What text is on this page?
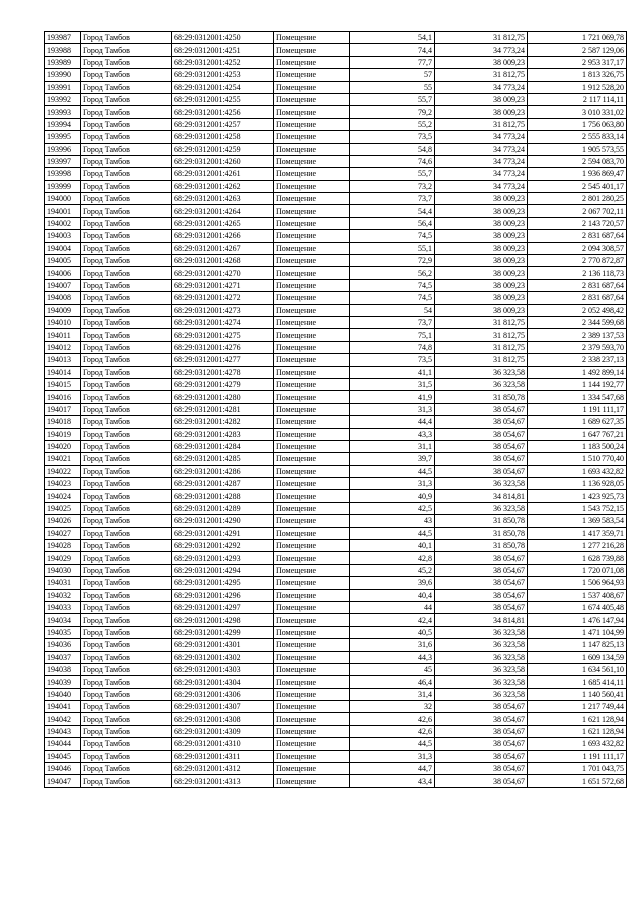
193987	Город Тамбов	68:29:0312001:4250	Помещение	54,1	31 812,75	1 721 069,78
193988	Город Тамбов	68:29:0312001:4251	Помещение	74,4	34 773,24	2 587 129,06
193989	Город Тамбов	68:29:0312001:4252	Помещение	77,7	38 009,23	2 953 317,17
193990	Город Тамбов	68:29:0312001:4253	Помещение	57	31 812,75	1 813 326,75
193991	Город Тамбов	68:29:0312001:4254	Помещение	55	34 773,24	1 912 528,20
193992	Город Тамбов	68:29:0312001:4255	Помещение	55,7	38 009,23	2 117 114,11
193993	Город Тамбов	68:29:0312001:4256	Помещение	79,2	38 009,23	3 010 331,02
193994	Город Тамбов	68:29:0312001:4257	Помещение	55,2	31 812,75	1 756 063,80
193995	Город Тамбов	68:29:0312001:4258	Помещение	73,5	34 773,24	2 555 833,14
193996	Город Тамбов	68:29:0312001:4259	Помещение	54,8	34 773,24	1 905 573,55
193997	Город Тамбов	68:29:0312001:4260	Помещение	74,6	34 773,24	2 594 083,70
193998	Город Тамбов	68:29:0312001:4261	Помещение	55,7	34 773,24	1 936 869,47
193999	Город Тамбов	68:29:0312001:4262	Помещение	73,2	34 773,24	2 545 401,17
194000	Город Тамбов	68:29:0312001:4263	Помещение	73,7	38 009,23	2 801 280,25
194001	Город Тамбов	68:29:0312001:4264	Помещение	54,4	38 009,23	2 067 702,11
194002	Город Тамбов	68:29:0312001:4265	Помещение	56,4	38 009,23	2 143 720,57
194003	Город Тамбов	68:29:0312001:4266	Помещение	74,5	38 009,23	2 831 687,64
194004	Город Тамбов	68:29:0312001:4267	Помещение	55,1	38 009,23	2 094 308,57
194005	Город Тамбов	68:29:0312001:4268	Помещение	72,9	38 009,23	2 770 872,87
194006	Город Тамбов	68:29:0312001:4270	Помещение	56,2	38 009,23	2 136 118,73
194007	Город Тамбов	68:29:0312001:4271	Помещение	74,5	38 009,23	2 831 687,64
194008	Город Тамбов	68:29:0312001:4272	Помещение	74,5	38 009,23	2 831 687,64
194009	Город Тамбов	68:29:0312001:4273	Помещение	54	38 009,23	2 052 498,42
194010	Город Тамбов	68:29:0312001:4274	Помещение	73,7	31 812,75	2 344 599,68
194011	Город Тамбов	68:29:0312001:4275	Помещение	75,1	31 812,75	2 389 137,53
194012	Город Тамбов	68:29:0312001:4276	Помещение	74,8	31 812,75	2 379 593,70
194013	Город Тамбов	68:29:0312001:4277	Помещение	73,5	31 812,75	2 338 237,13
194014	Город Тамбов	68:29:0312001:4278	Помещение	41,1	36 323,58	1 492 899,14
194015	Город Тамбов	68:29:0312001:4279	Помещение	31,5	36 323,58	1 144 192,77
194016	Город Тамбов	68:29:0312001:4280	Помещение	41,9	31 850,78	1 334 547,68
194017	Город Тамбов	68:29:0312001:4281	Помещение	31,3	38 054,67	1 191 111,17
194018	Город Тамбов	68:29:0312001:4282	Помещение	44,4	38 054,67	1 689 627,35
194019	Город Тамбов	68:29:0312001:4283	Помещение	43,3	38 054,67	1 647 767,21
194020	Город Тамбов	68:29:0312001:4284	Помещение	31,1	38 054,67	1 183 500,24
194021	Город Тамбов	68:29:0312001:4285	Помещение	39,7	38 054,67	1 510 770,40
194022	Город Тамбов	68:29:0312001:4286	Помещение	44,5	38 054,67	1 693 432,82
194023	Город Тамбов	68:29:0312001:4287	Помещение	31,3	36 323,58	1 136 928,05
194024	Город Тамбов	68:29:0312001:4288	Помещение	40,9	34 814,81	1 423 925,73
194025	Город Тамбов	68:29:0312001:4289	Помещение	42,5	36 323,58	1 543 752,15
194026	Город Тамбов	68:29:0312001:4290	Помещение	43	31 850,78	1 369 583,54
194027	Город Тамбов	68:29:0312001:4291	Помещение	44,5	31 850,78	1 417 359,71
194028	Город Тамбов	68:29:0312001:4292	Помещение	40,1	31 850,78	1 277 216,28
194029	Город Тамбов	68:29:0312001:4293	Помещение	42,8	38 054,67	1 628 739,88
194030	Город Тамбов	68:29:0312001:4294	Помещение	45,2	38 054,67	1 720 071,08
194031	Город Тамбов	68:29:0312001:4295	Помещение	39,6	38 054,67	1 506 964,93
194032	Город Тамбов	68:29:0312001:4296	Помещение	40,4	38 054,67	1 537 408,67
194033	Город Тамбов	68:29:0312001:4297	Помещение	44	38 054,67	1 674 405,48
194034	Город Тамбов	68:29:0312001:4298	Помещение	42,4	34 814,81	1 476 147,94
194035	Город Тамбов	68:29:0312001:4299	Помещение	40,5	36 323,58	1 471 104,99
194036	Город Тамбов	68:29:0312001:4301	Помещение	31,6	36 323,58	1 147 825,13
194037	Город Тамбов	68:29:0312001:4302	Помещение	44,3	36 323,58	1 609 134,59
194038	Город Тамбов	68:29:0312001:4303	Помещение	45	36 323,58	1 634 561,10
194039	Город Тамбов	68:29:0312001:4304	Помещение	46,4	36 323,58	1 685 414,11
194040	Город Тамбов	68:29:0312001:4306	Помещение	31,4	36 323,58	1 140 560,41
194041	Город Тамбов	68:29:0312001:4307	Помещение	32	38 054,67	1 217 749,44
194042	Город Тамбов	68:29:0312001:4308	Помещение	42,6	38 054,67	1 621 128,94
194043	Город Тамбов	68:29:0312001:4309	Помещение	42,6	38 054,67	1 621 128,94
194044	Город Тамбов	68:29:0312001:4310	Помещение	44,5	38 054,67	1 693 432,82
194045	Город Тамбов	68:29:0312001:4311	Помещение	31,3	38 054,67	1 191 111,17
194046	Город Тамбов	68:29:0312001:4312	Помещение	44,7	38 054,67	1 701 043,75
194047	Город Тамбов	68:29:0312001:4313	Помещение	43,4	38 054,67	1 651 572,68
